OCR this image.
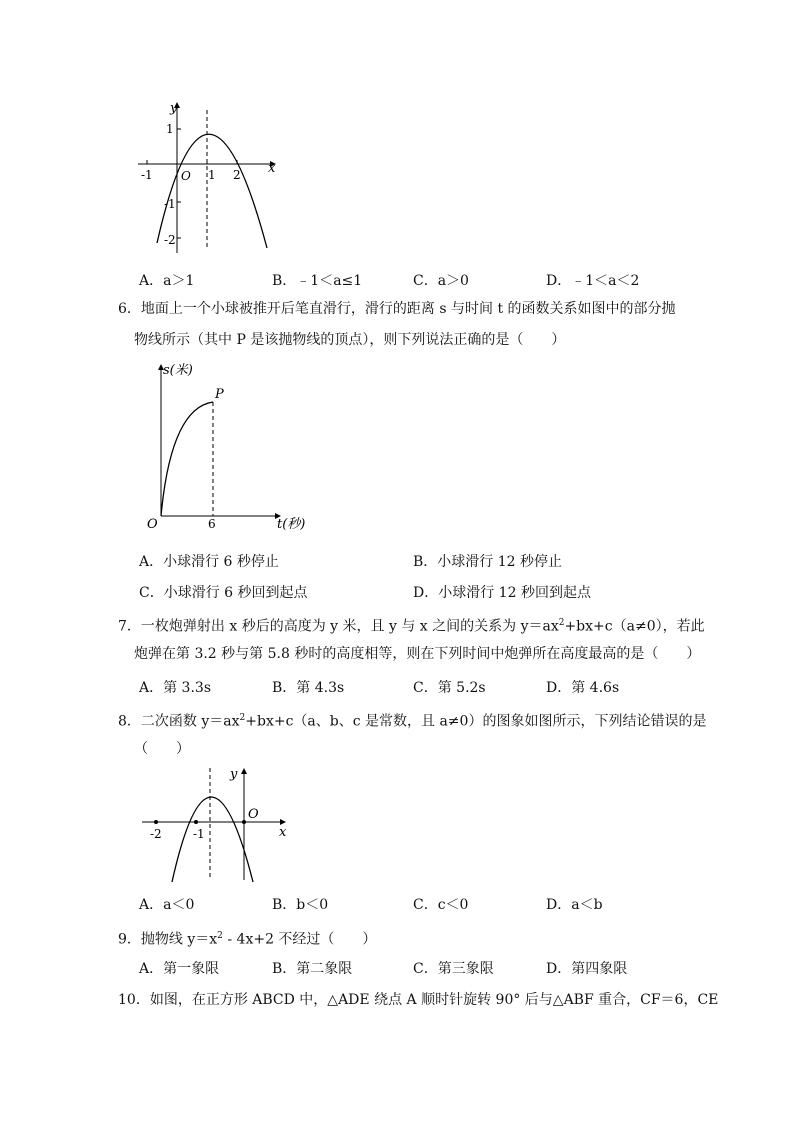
y
x
O
-1	1 2
1
-1
-2
A．a＞1	B．﹣1＜a≤1	C．a＞0	D．﹣1＜a＜2
6．地面上一个小球被推开后笔直滑行，滑行的距离 s 与时间 t 的函数关系如图中的部分抛
物线所示（其中 P 是该抛物线的顶点），则下列说法正确的是（　　）
s(米)
t(秒)
O
P
6
A．小球滑行 6 秒停止	B．小球滑行 12 秒停止
C．小球滑行 6 秒回到起点	D．小球滑行 12 秒回到起点
7．一枚炮弹射出 x 秒后的高度为 y 米，且 y 与 x 之间的关系为 $y=ax^2+bx+c(a\ne 0)$，若此
炮弹在第 3.2 秒与第 5.8 秒时的高度相等，则在下列时间中炮弹所在高度最高的是（　　）
A．第 3.3s	B．第 4.3s	C．第 5.2s	D．第 4.6s
8．二次函数 $y=ax^2+bx+c(a$、b、c 是常数，且 a≠0）的图象如图所示，下列结论错误的是
（　　）
y
x
O
-2	-1
A．a＜0	B．b＜0	C．c＜0	D．a＜b
9．抛物线 $y=x^2 - 4x+2$ 不经过（　　）
A．第一象限	B．第二象限	C．第三象限	D．第四象限
10．如图，在正方形 ABCD 中，△ADE 绕点 A 顺时针旋转 90° 后与△ABF 重合，CF＝6，CE
